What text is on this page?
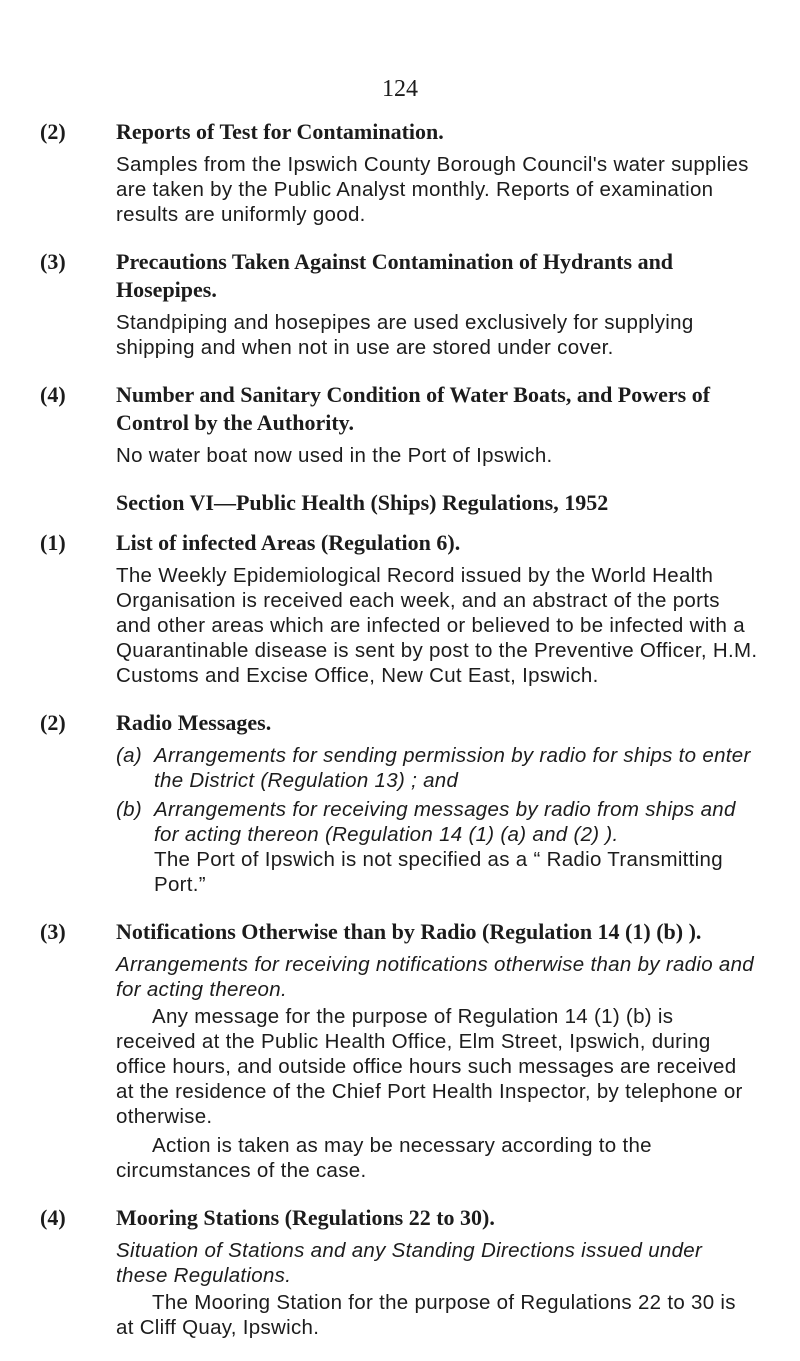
124
(2) Reports of Test for Contamination.
Samples from the Ipswich County Borough Council's water supplies are taken by the Public Analyst monthly. Reports of examination results are uniformly good.
(3) Precautions Taken Against Contamination of Hydrants and Hosepipes.
Standpiping and hosepipes are used exclusively for supplying shipping and when not in use are stored under cover.
(4) Number and Sanitary Condition of Water Boats, and Powers of Control by the Authority.
No water boat now used in the Port of Ipswich.
Section VI—Public Health (Ships) Regulations, 1952
(1) List of infected Areas (Regulation 6).
The Weekly Epidemiological Record issued by the World Health Organisation is received each week, and an abstract of the ports and other areas which are infected or believed to be infected with a Quarantinable disease is sent by post to the Preventive Officer, H.M. Customs and Excise Office, New Cut East, Ipswich.
(2) Radio Messages.
(a) Arrangements for sending permission by radio for ships to enter the District (Regulation 13) ; and
(b) Arrangements for receiving messages by radio from ships and for acting thereon (Regulation 14 (1) (a) and (2) ).
The Port of Ipswich is not specified as a “ Radio Transmitting Port.”
(3) Notifications Otherwise than by Radio (Regulation 14 (1) (b) ).
Arrangements for receiving notifications otherwise than by radio and for acting thereon.
Any message for the purpose of Regulation 14 (1) (b) is received at the Public Health Office, Elm Street, Ipswich, during office hours, and outside office hours such messages are received at the residence of the Chief Port Health Inspector, by telephone or otherwise.
Action is taken as may be necessary according to the circumstances of the case.
(4) Mooring Stations (Regulations 22 to 30).
Situation of Stations and any Standing Directions issued under these Regulations.
The Mooring Station for the purpose of Regulations 22 to 30 is at Cliff Quay, Ipswich.
